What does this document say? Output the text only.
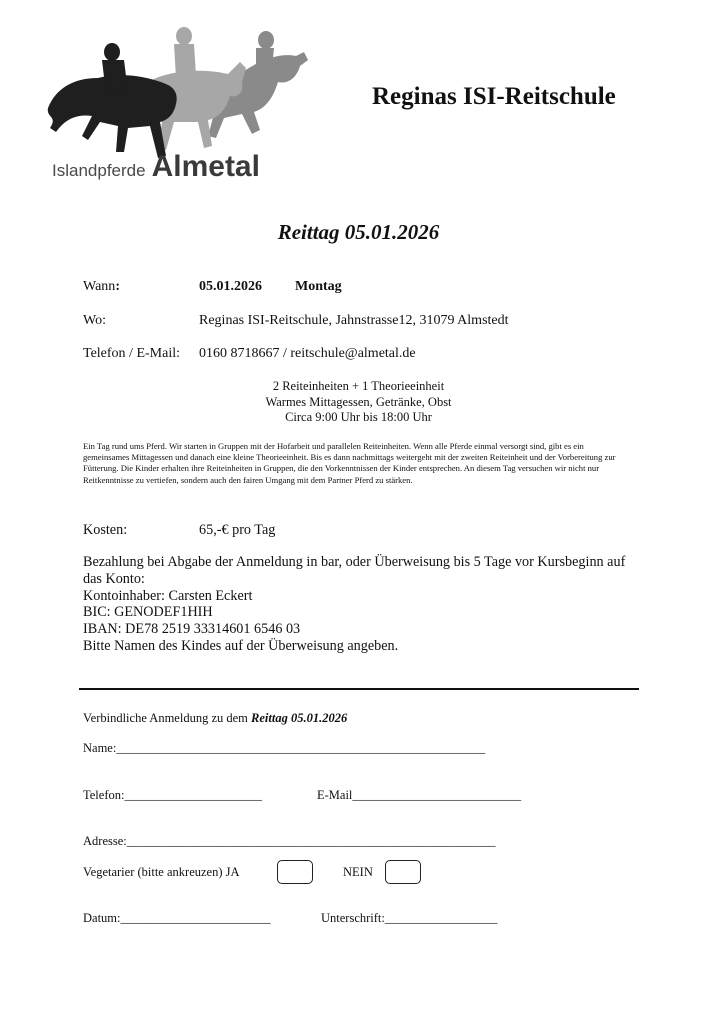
Islandpferde Almetal
Reginas ISI-Reitschule
Reittag 05.01.2026
Wann:	05.01.2026 Montag
Wo:	Reginas ISI-Reitschule, Jahnstrasse12, 31079 Almstedt
Telefon / E-Mail: 0160 8718667 / reitschule@almetal.de
2 Reiteinheiten + 1 Theorieeinheit
Warmes Mittagessen, Getränke, Obst
Circa 9:00 Uhr bis 18:00 Uhr
Ein Tag rund ums Pferd. Wir starten in Gruppen mit der Hofarbeit und parallelen Reiteinheiten. Wenn alle Pferde einmal versorgt sind, gibt es ein gemeinsames Mittagessen und danach eine kleine Theorieeinheit. Bis es dann nachmittags weitergeht mit der zweiten Reiteinheit und der Vorbereitung zur Fütterung. Die Kinder erhalten ihre Reiteinheiten in Gruppen, die den Vorkenntnissen der Kinder entsprechen. An diesem Tag versuchen wir nicht nur Reitkenntnisse zu vertiefen, sondern auch den fairen Umgang mit dem Partner Pferd zu stärken.
Kosten:	65,-€ pro Tag
Bezahlung bei Abgabe der Anmeldung in bar, oder Überweisung bis 5 Tage vor Kursbeginn auf das Konto:
Kontoinhaber: Carsten Eckert
BIC: GENODEF1HIH
IBAN: DE78 2519 33314601 6546 03
Bitte Namen des Kindes auf der Überweisung angeben.
Verbindliche Anmeldung zu dem Reittag 05.01.2026
Name:___________________________________________________________
Telefon:______________________	E-Mail___________________________
Adresse:___________________________________________________________
Vegetarier (bitte ankreuzen) JA	NEIN
Datum:________________________	Unterschrift:__________________
